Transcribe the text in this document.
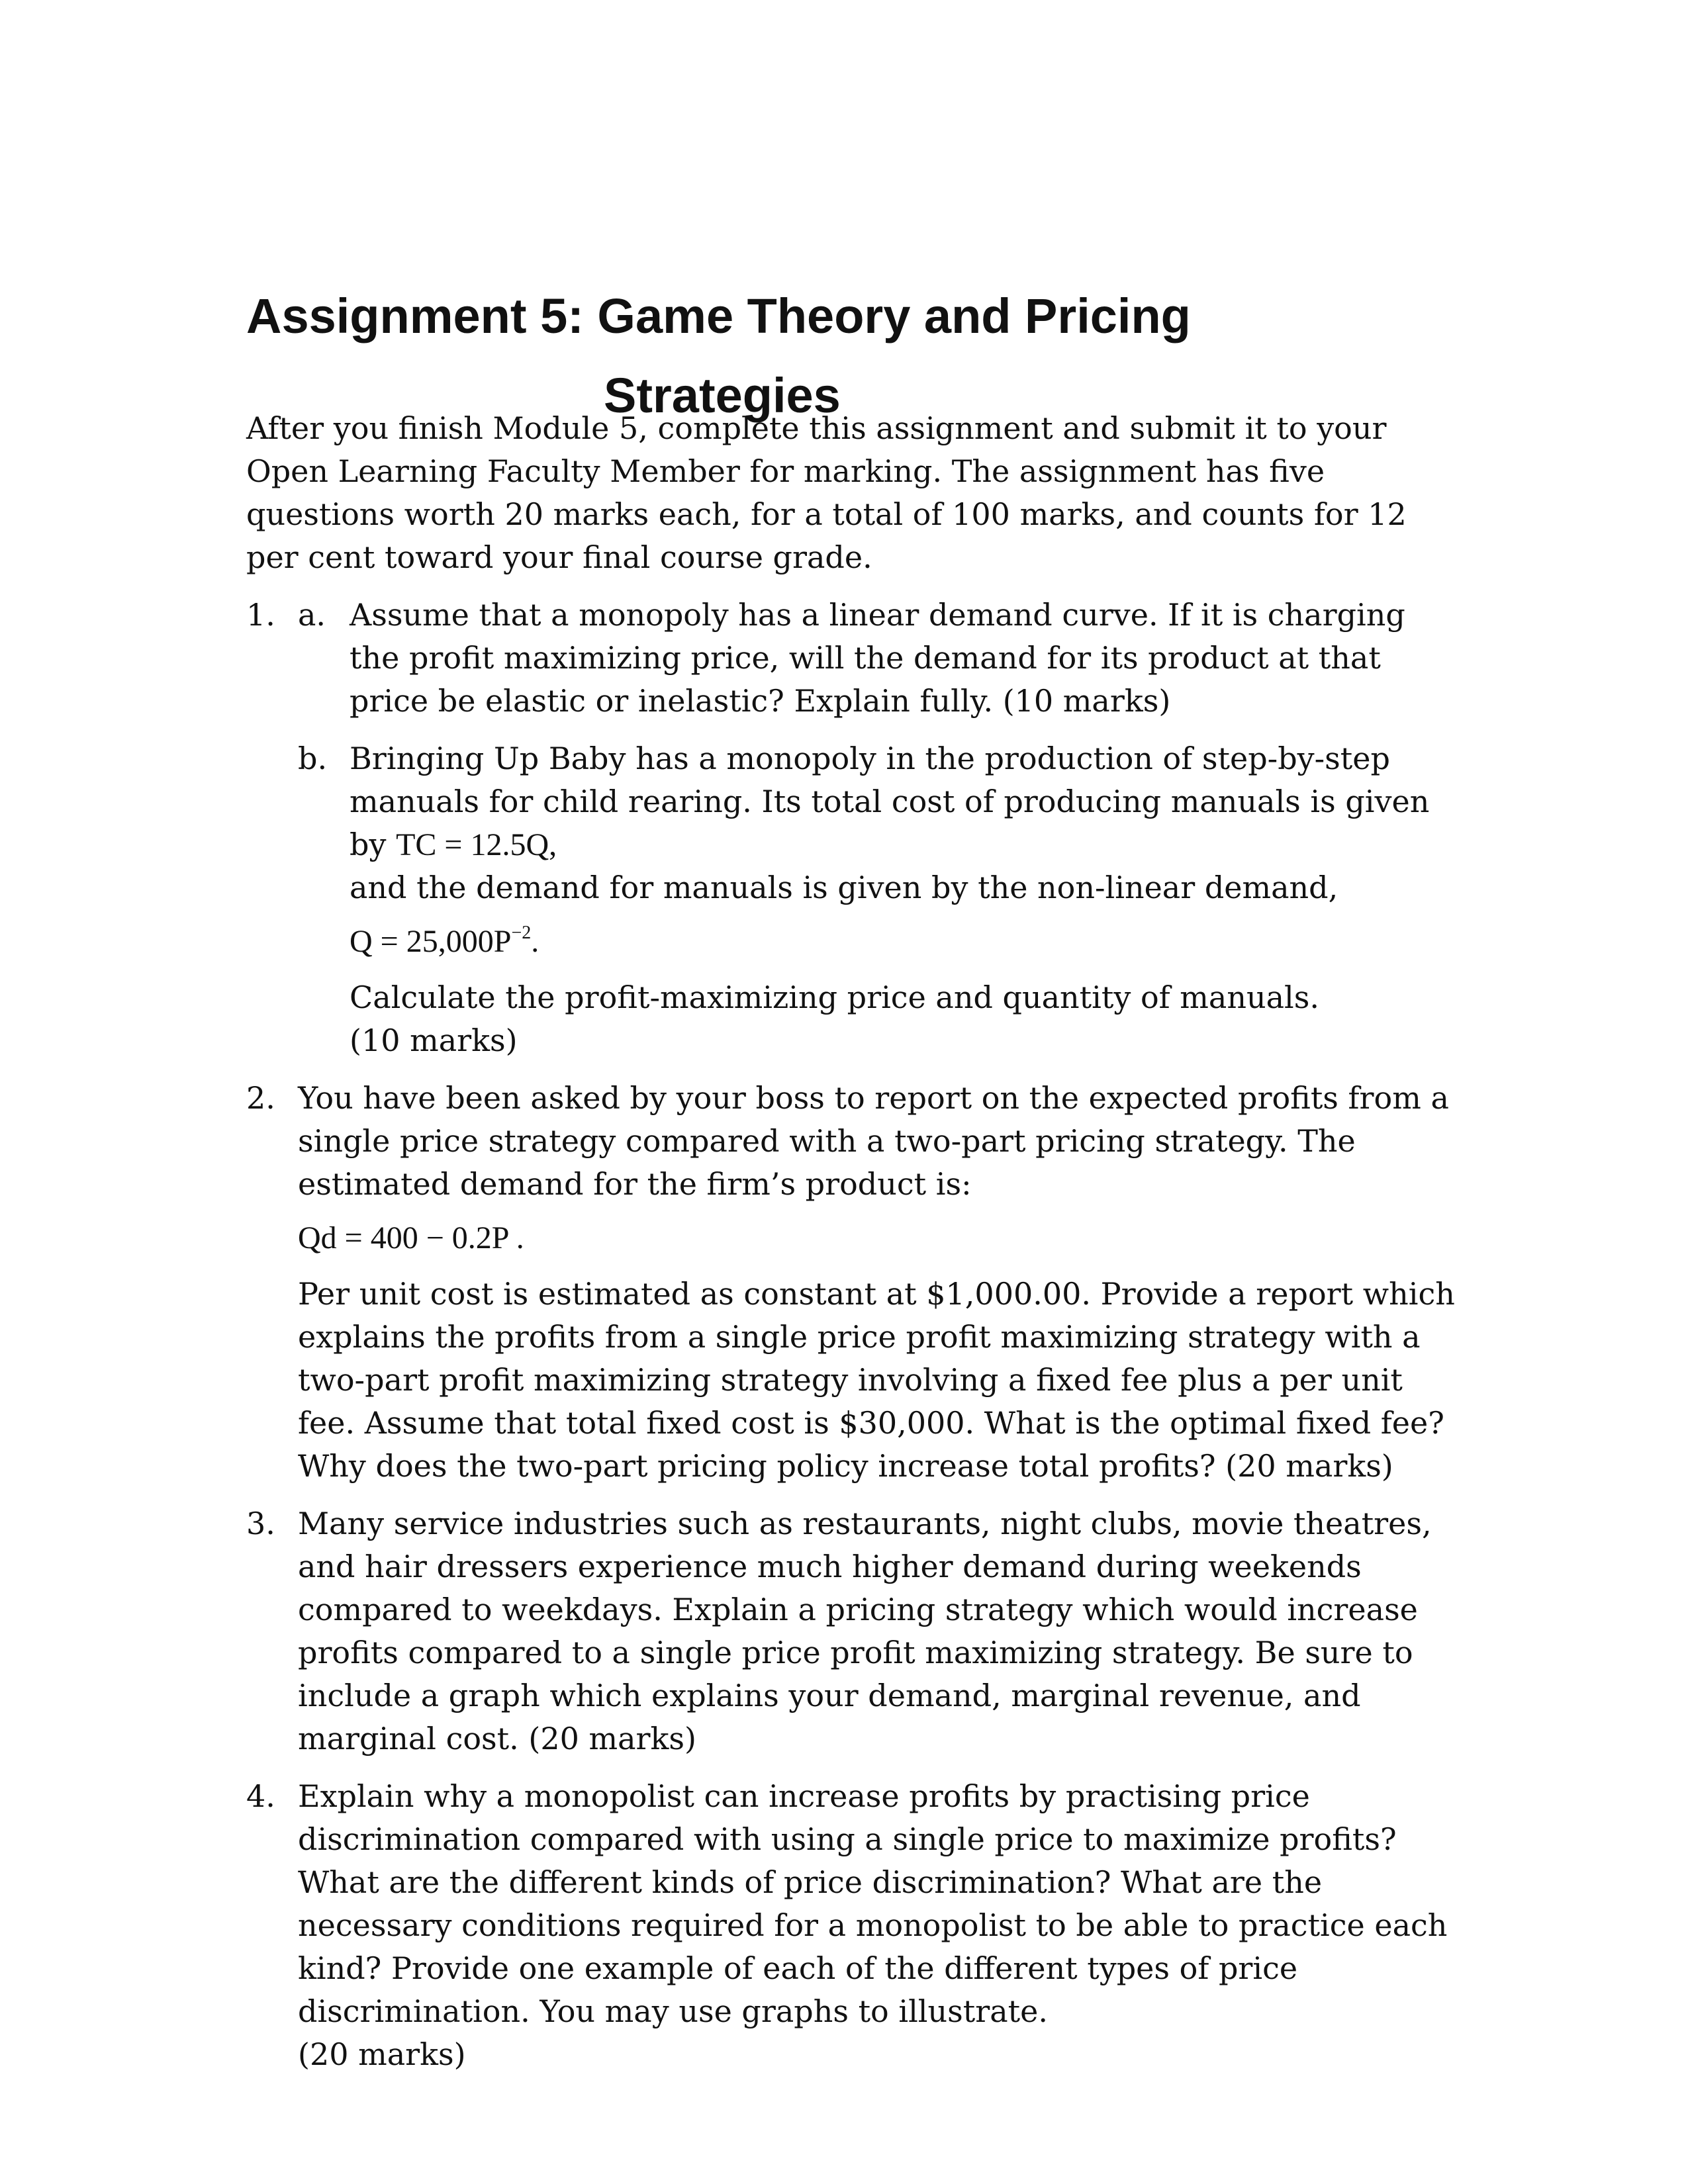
Assignment 5: Game Theory and Pricing
Strategies

After you finish Module 5, complete this assignment and submit it to your Open Learning Faculty Member for marking. The assignment has five questions worth 20 marks each, for a total of 100 marks, and counts for 12 per cent toward your final course grade.

1. a. Assume that a monopoly has a linear demand curve. If it is charging the profit maximizing price, will the demand for its product at that price be elastic or inelastic? Explain fully. (10 marks)

b. Bringing Up Baby has a monopoly in the production of step-by-step manuals for child rearing. Its total cost of producing manuals is given by TC = 12.5Q,

and the demand for manuals is given by the non-linear demand,

$Q = 25,000P^{-2}$.

Calculate the profit-maximizing price and quantity of manuals.

(10 marks)

2. You have been asked by your boss to report on the expected profits from a single price strategy compared with a two-part pricing strategy. The estimated demand for the firm’s product is:

Qd = 400 − 0.2P .

Per unit cost is estimated as constant at $1,000.00. Provide a report which explains the profits from a single price profit maximizing strategy with a two-part profit maximizing strategy involving a fixed fee plus a per unit fee. Assume that total fixed cost is $30,000. What is the optimal fixed fee? Why does the two-part pricing policy increase total profits? (20 marks)

3. Many service industries such as restaurants, night clubs, movie theatres, and hair dressers experience much higher demand during weekends compared to weekdays. Explain a pricing strategy which would increase profits compared to a single price profit maximizing strategy. Be sure to include a graph which explains your demand, marginal revenue, and marginal cost. (20 marks)

4. Explain why a monopolist can increase profits by practising price discrimination compared with using a single price to maximize profits? What are the different kinds of price discrimination? What are the necessary conditions required for a monopolist to be able to practice each kind? Provide one example of each of the different types of price discrimination. You may use graphs to illustrate.

(20 marks)
